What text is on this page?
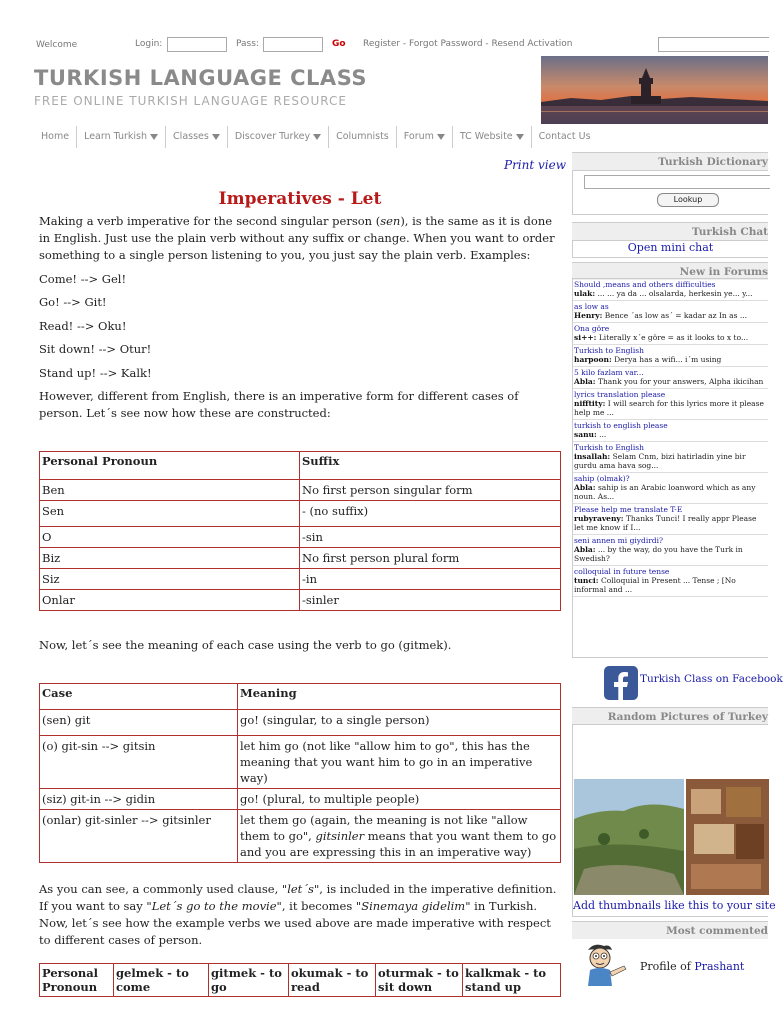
Welcome	Login:	Pass:	Go Register - Forgot Password - Resend Activation
TURKISH LANGUAGE CLASS
FREE ONLINE TURKISH LANGUAGE RESOURCE
Home	Learn Turkish	Classes	Discover Turkey	Columnists	Forum	TC Website	Contact Us
Print view
Imperatives - Let
Making a verb imperative for the second singular person (sen), is the same as it is done in English. Just use the plain verb without any suffix or change. When you want to order something to a single person listening to you, you just say the plain verb. Examples:
Come! --> Gel!
Go! --> Git!
Read! --> Oku!
Sit down! --> Otur!
Stand up! --> Kalk!
However, different from English, there is an imperative form for different cases of person. Let´s see now how these are constructed:
Personal Pronoun	Suffix
Ben	No first person singular form
Sen	- (no suffix)
O	-sin
Biz	No first person plural form
Siz	-in
Onlar	-sinler
Now, let´s see the meaning of each case using the verb to go (gitmek).
Case	Meaning
(sen) git	go! (singular, to a single person)
(o) git-sin --> gitsin	let him go (not like "allow him to go", this has the meaning that you want him to go in an imperative way)
(siz) git-in --> gidin	go! (plural, to multiple people)
(onlar) git-sinler --> gitsinler	let them go (again, the meaning is not like "allow them to go", gitsinler means that you want them to go and you are expressing this in an imperative way)
As you can see, a commonly used clause, "let´s", is included in the imperative definition. If you want to say "Let´s go to the movie", it becomes "Sinemaya gidelim" in Turkish. Now, let´s see how the example verbs we used above are made imperative with respect to different cases of person.
Personal Pronoun	gelmek - to come	gitmek - to go	okumak - to read	oturmak - to sit down	kalkmak - to stand up
Turkish Dictionary
Lookup
Turkish Chat
Open mini chat
New in Forums
Should ,means and others difficulties
ulak: ... ... ya da ... olsalarda, herkesin ye... y...
as low as
Henry: Bence ´as low as´ = kadar az In as ...
Ona göre
si++: Literally x´e göre = as it looks to x to...
Turkish to English
harpoon: Derya has a wifi... i´m using
5 kilo fazlam var...
Abla: Thank you for your answers, Alpha ikicihan
lyrics translation please
nifftity: I will search for this lyrics more it please help me ...
turkish to english please
sanu: ...
Turkish to English
insallah: Selam Cnm, bizi hatirladin yine bir gurdu ama hava sog...
sahip (olmak)?
Abla: sahip is an Arabic loanword which as any noun. As...
Please help me translate T-E
rubyraveny: Thanks Tunci! I really appr Please let me know if I...
seni annen mi giydirdi?
Abla: ... by the way, do you have the Turk in Swedish?
colloquial in future tense
tunci: Colloquial in Present ... Tense ; [No informal and ...
Turkish Class on Facebook
Random Pictures of Turkey
Add thumbnails like this to your site
Most commented
Profile of Prashant
